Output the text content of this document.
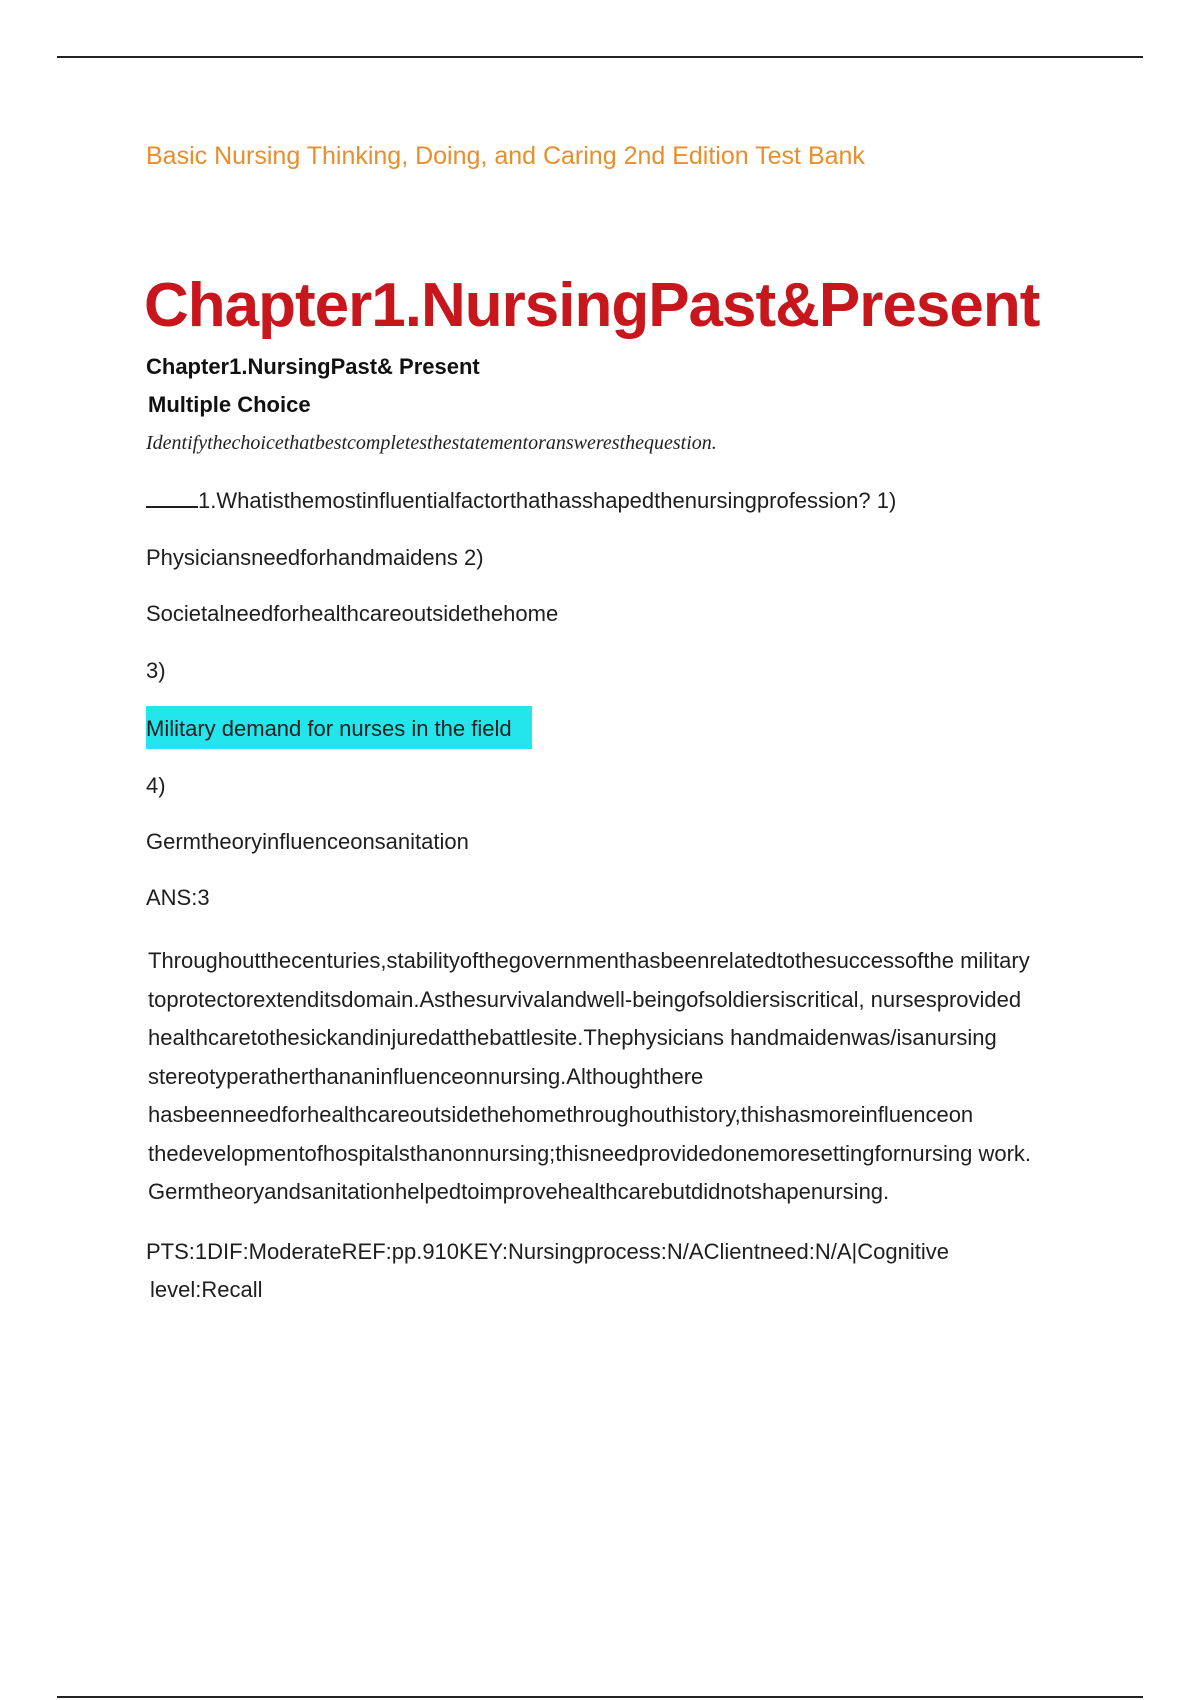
Basic Nursing Thinking, Doing, and Caring 2nd Edition Test Bank

Chapter1.NursingPast&Present

Chapter1.NursingPast& Present

Multiple Choice

Identifythechoicethatbestcompletesthestatementoransweresthequestion.

1.Whatisthemostinfluentialfactorthathasshapedthenursingprofession? 1)

Physiciansneedforhandmaidens 2)

Societalneedforhealthcareoutsidethehome

3)

Military demand for nurses in the field

4)

Germtheoryinfluenceonsanitation

ANS:3

Throughoutthecenturies,stabilityofthegovernmenthasbeenrelatedtothesuccessofthe military
toprotectorextenditsdomain.Asthesurvivalandwell-beingofsoldiersiscritical, nursesprovided
healthcaretothesickandinjuredatthebattlesite.Thephysicians handmaidenwas/isanursing
stereotyperatherthananinfluenceonnursing.Althoughthere
hasbeenneedforhealthcareoutsidethehomethroughouthistory,thishasmoreinfluenceon
thedevelopmentofhospitalsthanonnursing;thisneedprovidedonemoresettingfornursing work.
Germtheoryandsanitationhelpedtoimprovehealthcarebutdidnotshapenursing.
PTS:1DIF:ModerateREF:pp.910KEY:Nursingprocess:N/AClientneed:N/A|Cognitive
level:Recall
